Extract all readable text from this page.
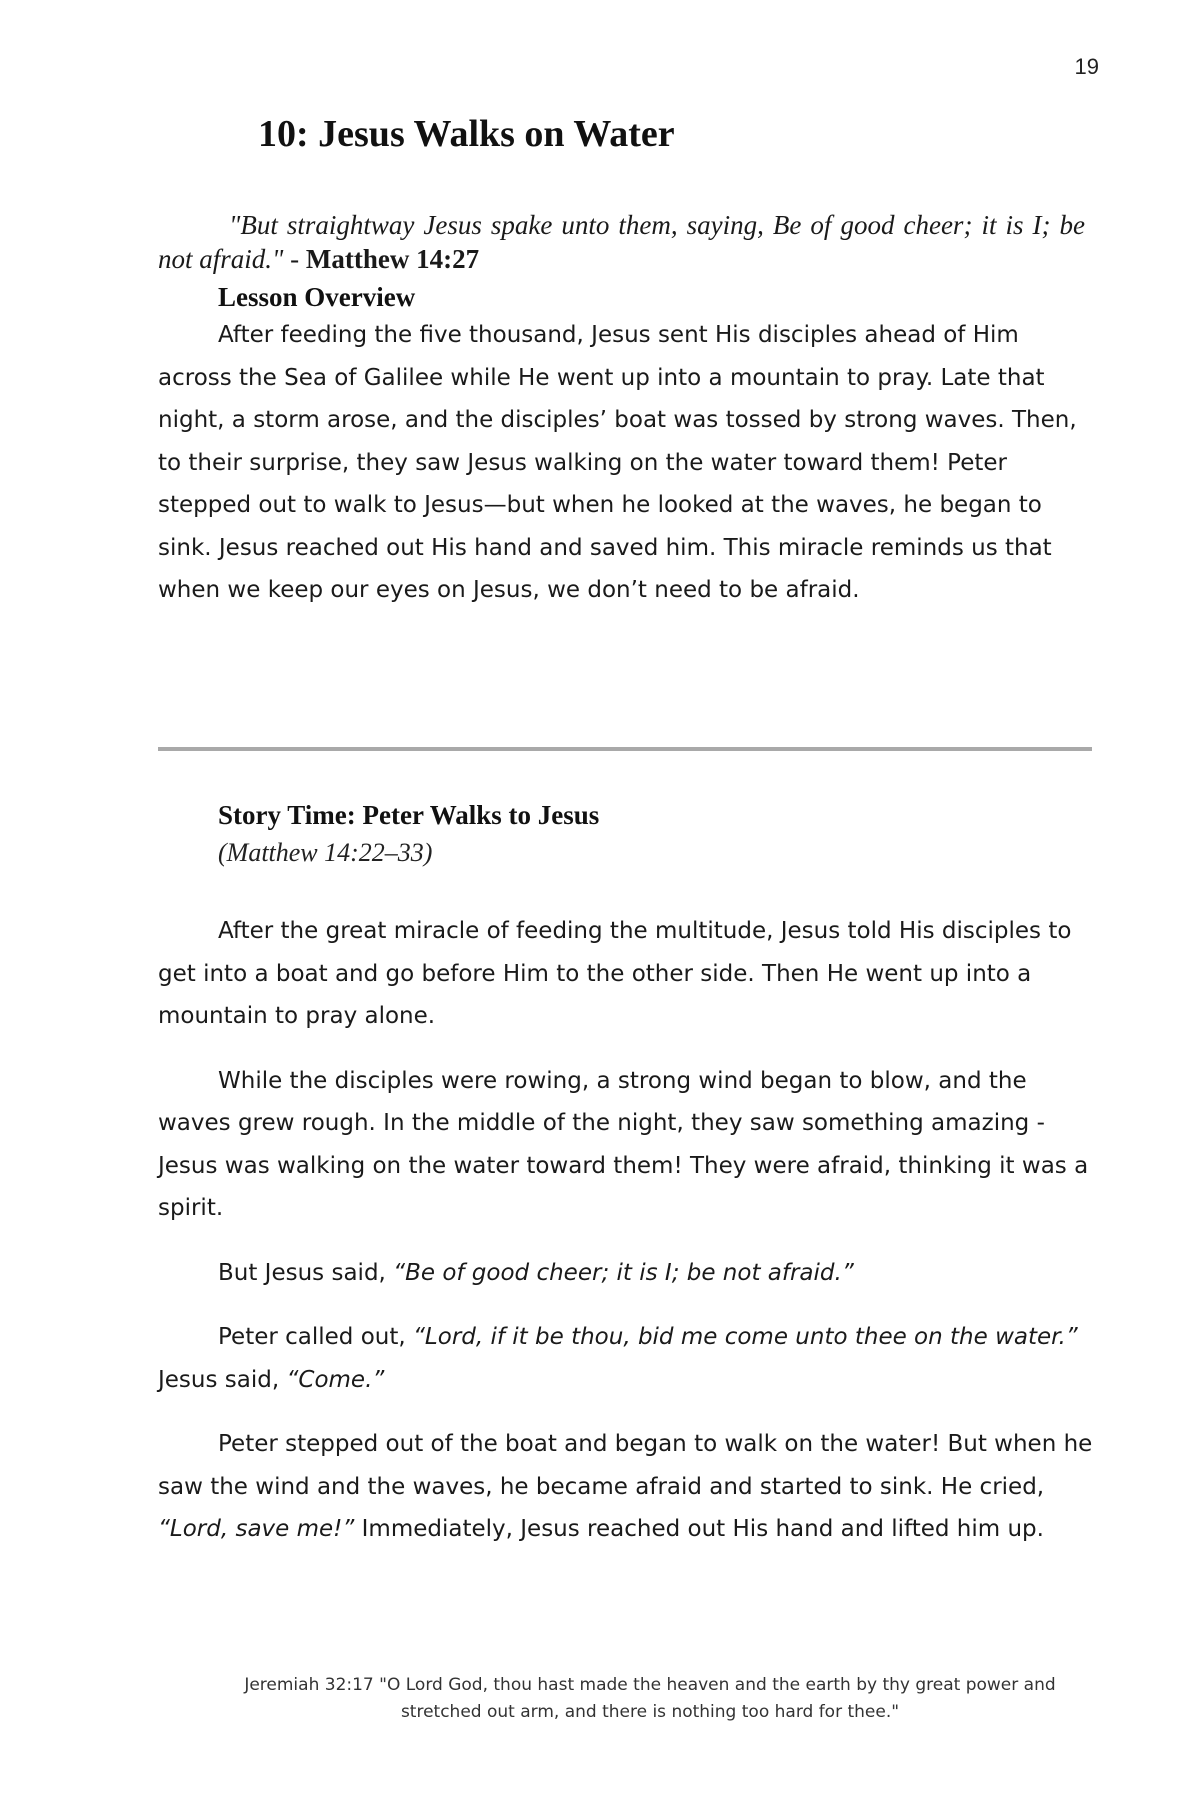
19
10: Jesus Walks on Water

"But straightway Jesus spake unto them, saying, Be of good cheer; it is I; be not afraid." - Matthew 14:27

Lesson Overview

After feeding the five thousand, Jesus sent His disciples ahead of Him across the Sea of Galilee while He went up into a mountain to pray. Late that night, a storm arose, and the disciples’ boat was tossed by strong waves. Then, to their surprise, they saw Jesus walking on the water toward them! Peter stepped out to walk to Jesus—but when he looked at the waves, he began to sink. Jesus reached out His hand and saved him. This miracle reminds us that when we keep our eyes on Jesus, we don’t need to be afraid.

Story Time: Peter Walks to Jesus

(Matthew 14:22–33)

After the great miracle of feeding the multitude, Jesus told His disciples to get into a boat and go before Him to the other side. Then He went up into a mountain to pray alone.

While the disciples were rowing, a strong wind began to blow, and the waves grew rough. In the middle of the night, they saw something amazing - Jesus was walking on the water toward them! They were afraid, thinking it was a spirit.

But Jesus said, “Be of good cheer; it is I; be not afraid.”

Peter called out, “Lord, if it be thou, bid me come unto thee on the water.” Jesus said, “Come.”

Peter stepped out of the boat and began to walk on the water! But when he saw the wind and the waves, he became afraid and started to sink. He cried, “Lord, save me!” Immediately, Jesus reached out His hand and lifted him up.

Jeremiah 32:17 "O Lord God, thou hast made the heaven and the earth by thy great power and
stretched out arm, and there is nothing too hard for thee."
